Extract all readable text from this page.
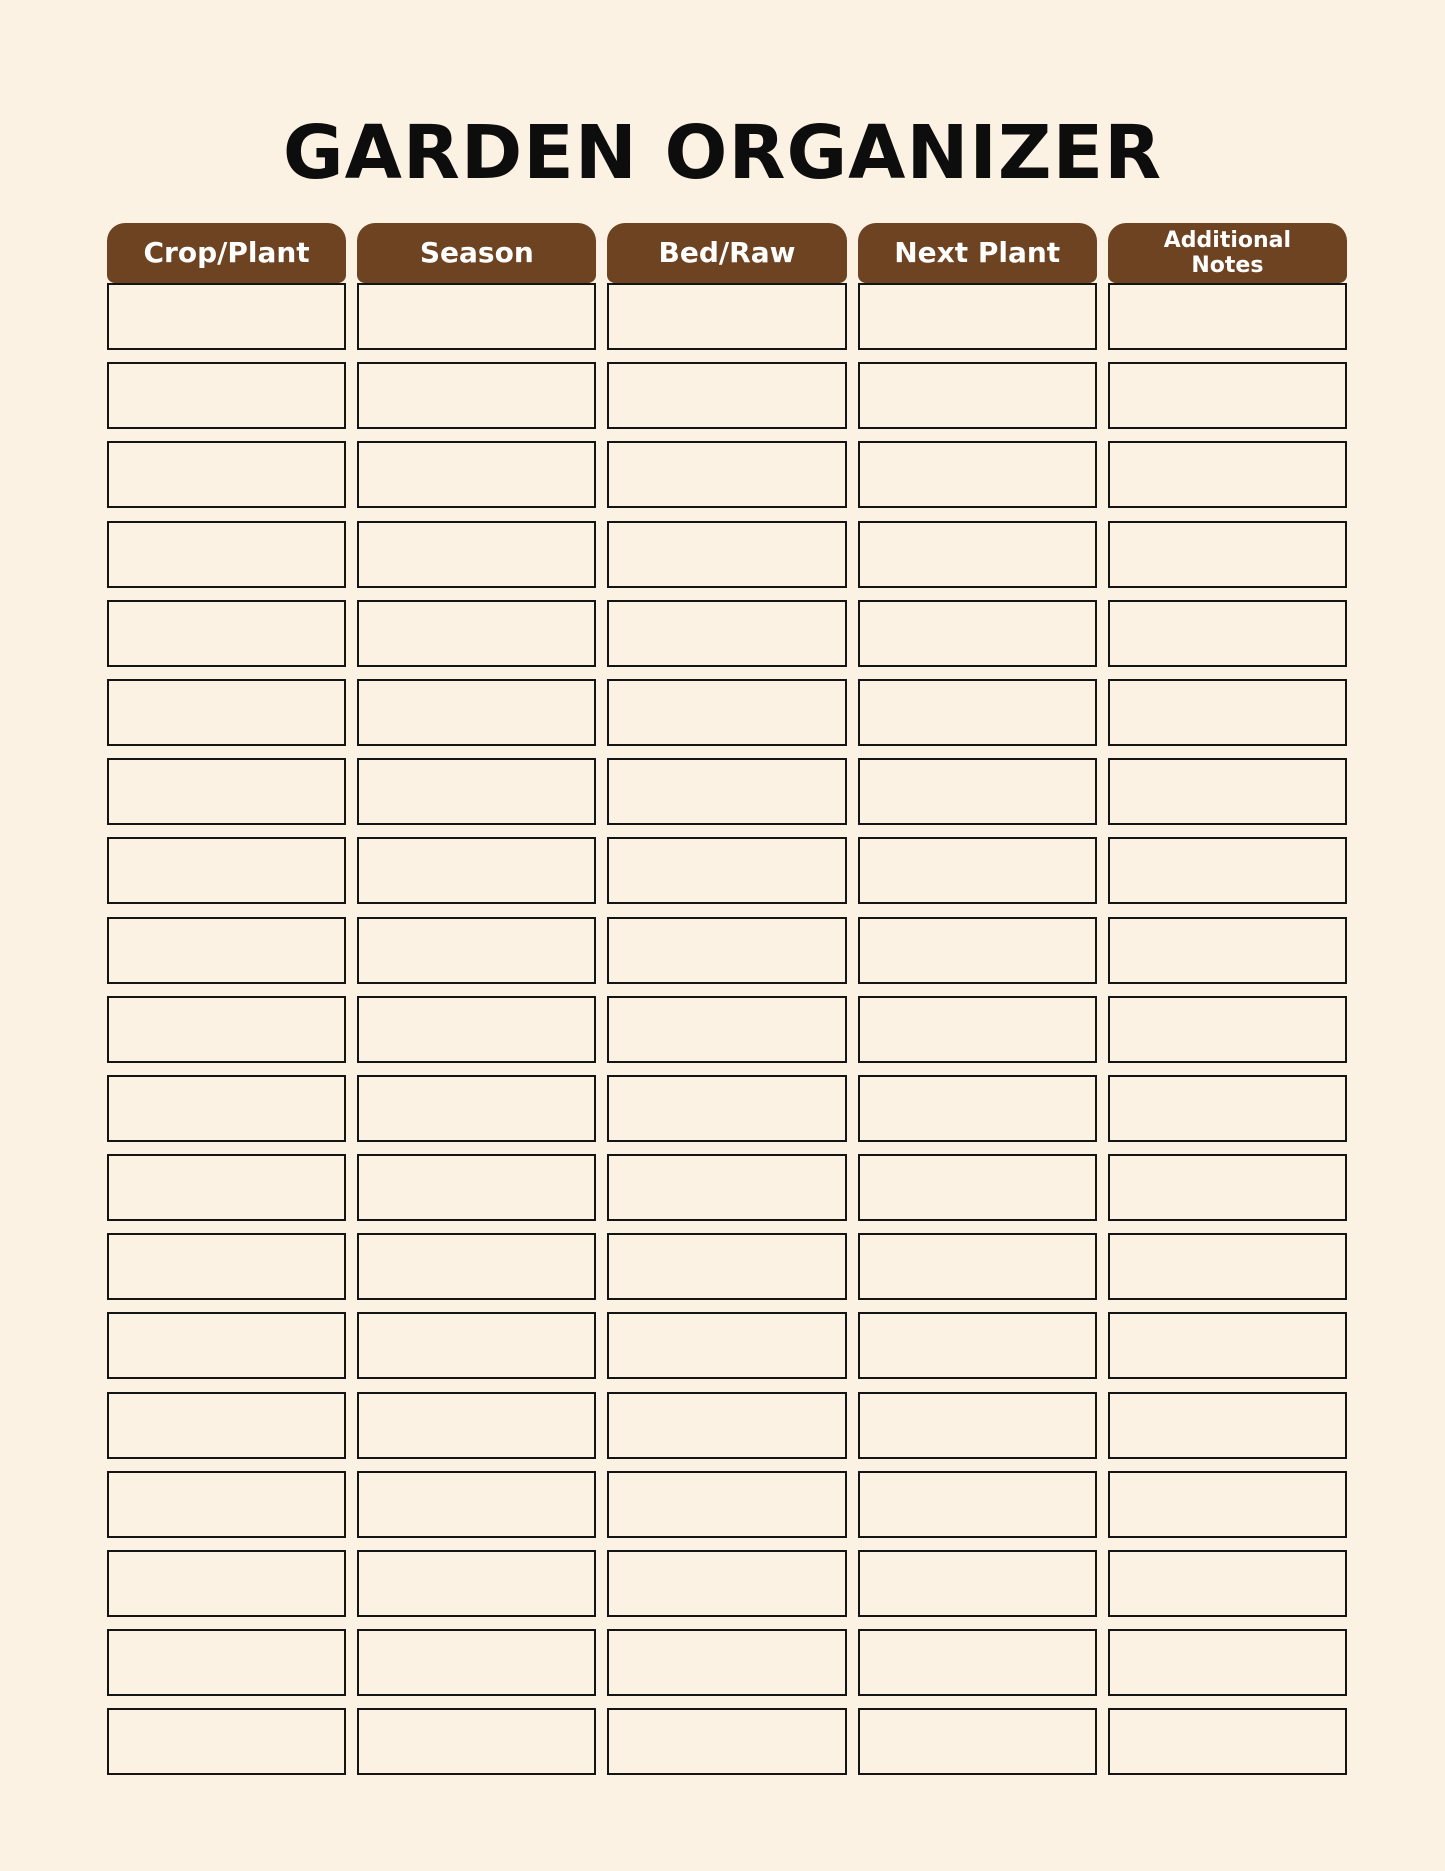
GARDEN ORGANIZER
Crop/Plant	Season	Bed/Raw	Next Plant	Additional
Notes
